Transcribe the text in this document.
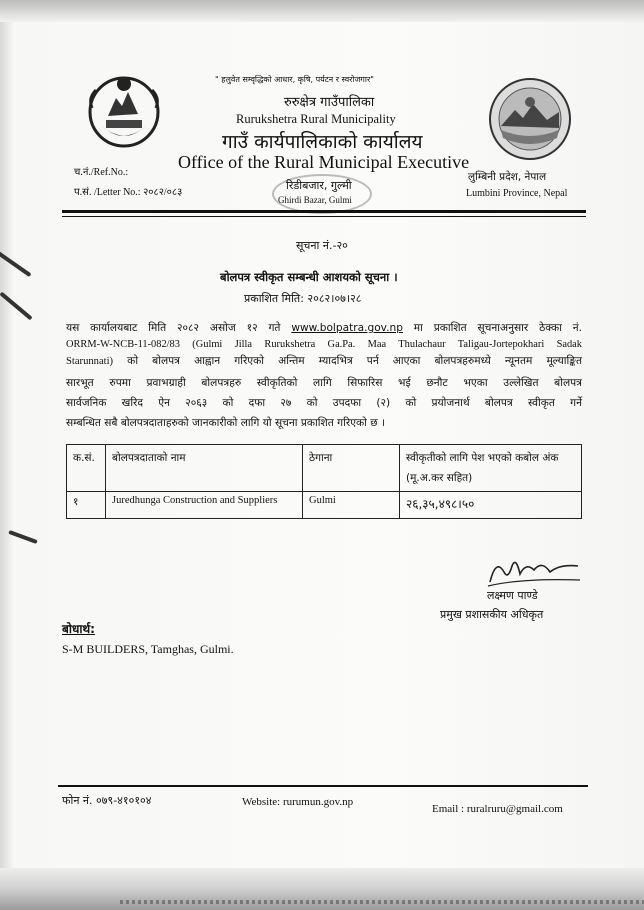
" हलुवेत सम्वृद्धिको आधार, कृषि, पर्यटन र स्वरोजगार"
रुरुक्षेत्र गाउँपालिका
Rurukshetra Rural Municipality
गाउँ कार्यपालिकाको कार्यालय
Office of the Rural Municipal Executive
रिडीबजार, गुल्मी
Ghirdi Bazar, Gulmi
च.नं./Ref.No.:
प.सं. /Letter No.: २०८२/०८३
लुम्बिनी प्रदेश, नेपाल
Lumbini Province, Nepal
सूचना नं.-२०
बोलपत्र स्वीकृत सम्बन्धी आशयको सूचना ।
प्रकाशित मिति: २०८२।०७।२८
यस कार्यालयबाट मिति २०८२ असोज १२ गते www.bolpatra.gov.np मा प्रकाशित सूचनाअनुसार ठेक्का नं.
ORRM-W-NCB-11-082/83 (Gulmi Jilla Rurukshetra Ga.Pa. Maa Thulachaur Taligau-Jortepokhari Sadak
Starunnati) को बोलपत्र आह्वान गरिएको अन्तिम म्यादभित्र पर्न आएका बोलपत्रहरुमध्ये न्यूनतम मूल्याङ्कित
सारभूत रुपमा प्रवाभग्राही बोलपत्रहरु स्वीकृतिको लागि सिफारिस भई छनौट भएका उल्लेखित बोलपत्र
सार्वजनिक खरिद ऐन २०६३ को दफा २७ को उपदफा (२) को प्रयोजनार्थ बोलपत्र स्वीकृत गर्ने
सम्बन्धित सबै बोलपत्रदाताहरुको जानकारीको लागि यो सूचना प्रकाशित गरिएको छ ।
क.सं.	बोलपत्रदाताको नाम	ठेगाना	स्वीकृतीको लागि पेश भएको कबोल अंक (मू.अ.कर सहित)
१	Juredhunga Construction and Suppliers	Gulmi	२६,३५,४९८।५०
लक्ष्मण पाण्डे
प्रमुख प्रशासकीय अधिकृत
बोधार्थ:
S-M BUILDERS, Tamghas, Gulmi.
फोन नं. ०७९-४१०१०४	Website: rurumun.gov.np
Email : ruralruru@gmail.com
